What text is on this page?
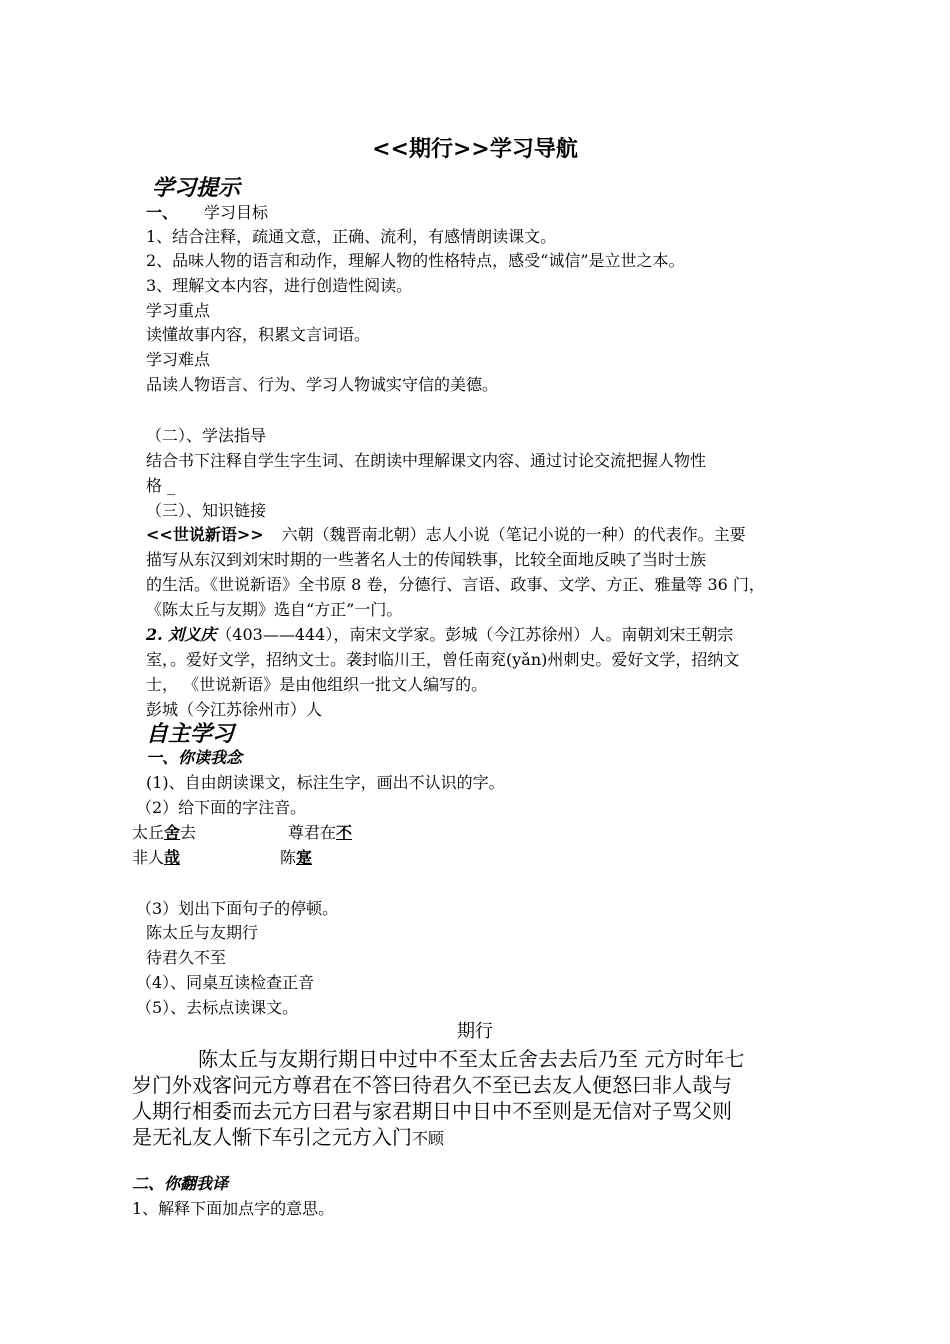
<<期行>>学习导航
学习提示
一、 学习目标
1、结合注释，疏通文意，正确、流利，有感情朗读课文。
2、品味人物的语言和动作，理解人物的性格特点，感受“诚信”是立世之本。
3、理解文本内容，进行创造性阅读。
学习重点
读懂故事内容，积累文言词语。
学习难点
品读人物语言、行为、学习人物诚实守信的美德。
（二）、学法指导
结合书下注释自学生字生词、在朗读中理解课文内容、通过讨论交流把握人物性
格 _
（三）、知识链接
<<世说新语>> 六朝（魏晋南北朝）志人小说（笔记小说的一种）的代表作。主要
描写从东汉到刘宋时期的一些著名人士的传闻轶事，比较全面地反映了当时士族
的生活。《世说新语》全书原 8 卷，分德行、言语、政事、文学、方正、雅量等 36 门，
《陈太丘与友期》选自“方正”一门。
2. 刘义庆（403——444），南宋文学家。彭城（今江苏徐州）人。南朝刘宋王朝宗
室，。爱好文学，招纳文士。袭封临川王，曾任南兖(yǎn)州刺史。爱好文学，招纳文
士， 《世说新语》是由他组织一批文人编写的。
彭城（今江苏徐州市）人
自主学习
一、你读我念
(1)、自由朗读课文，标注生字，画出不认识的字。
（2）给下面的字注音。
太丘舍去	尊君在不
非人哉	陈寔
（3）划出下面句子的停顿。
陈太丘与友期行
待君久不至
（4）、同桌互读检查正音
（5）、去标点读课文。
期行
陈太丘与友期行期日中过中不至太丘舍去去后乃至 元方时年七
岁门外戏客问元方尊君在不答曰待君久不至已去友人便怒曰非人哉与
人期行相委而去元方曰君与家君期日中日中不至则是无信对子骂父则
是无礼友人惭下车引之元方入门不顾
二、你翻我译
1、解释下面加点字的意思。
